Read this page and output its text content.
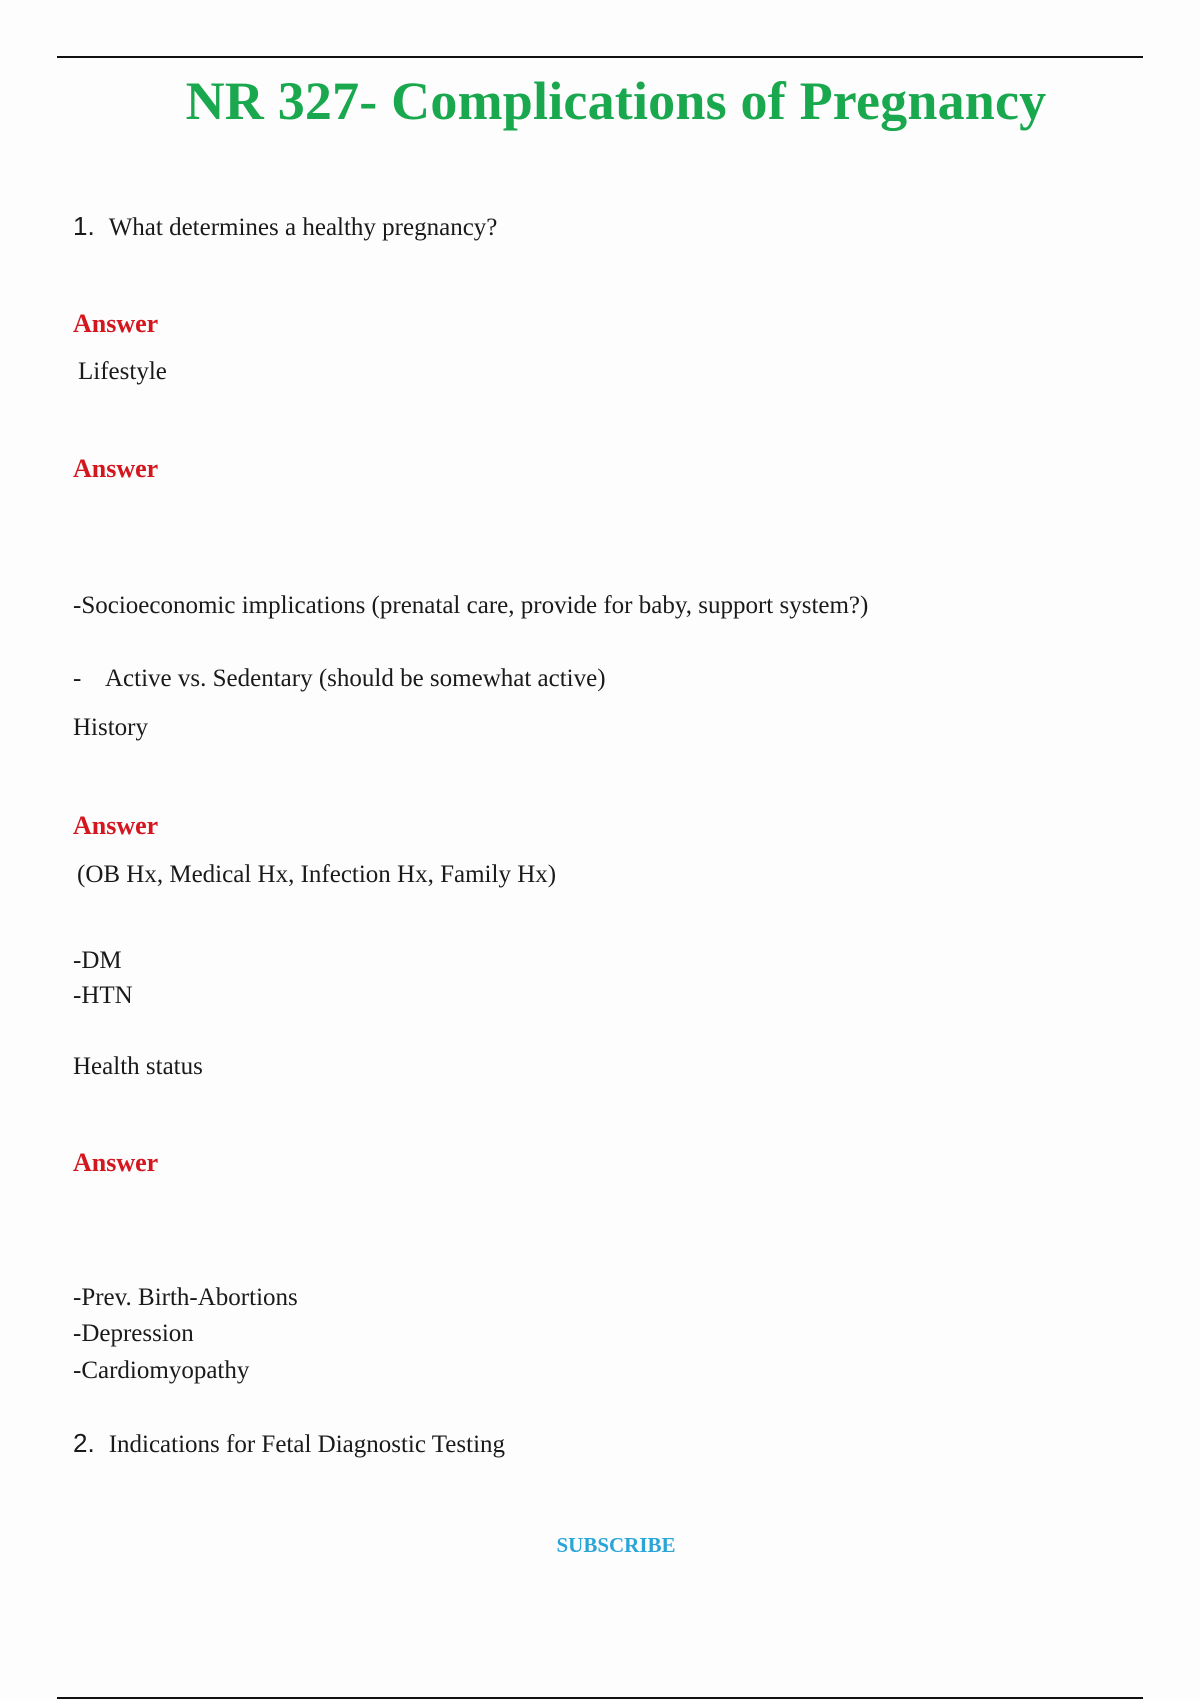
NR 327- Complications of Pregnancy
1. What determines a healthy pregnancy?
Answer
Lifestyle
Answer
-Socioeconomic implications (prenatal care, provide for baby, support system?)
- Active vs. Sedentary (should be somewhat active)
History
Answer
(OB Hx, Medical Hx, Infection Hx, Family Hx)
-DM
-HTN
Health status
Answer
-Prev. Birth-Abortions
-Depression
-Cardiomyopathy
2. Indications for Fetal Diagnostic Testing
SUBSCRIBE
